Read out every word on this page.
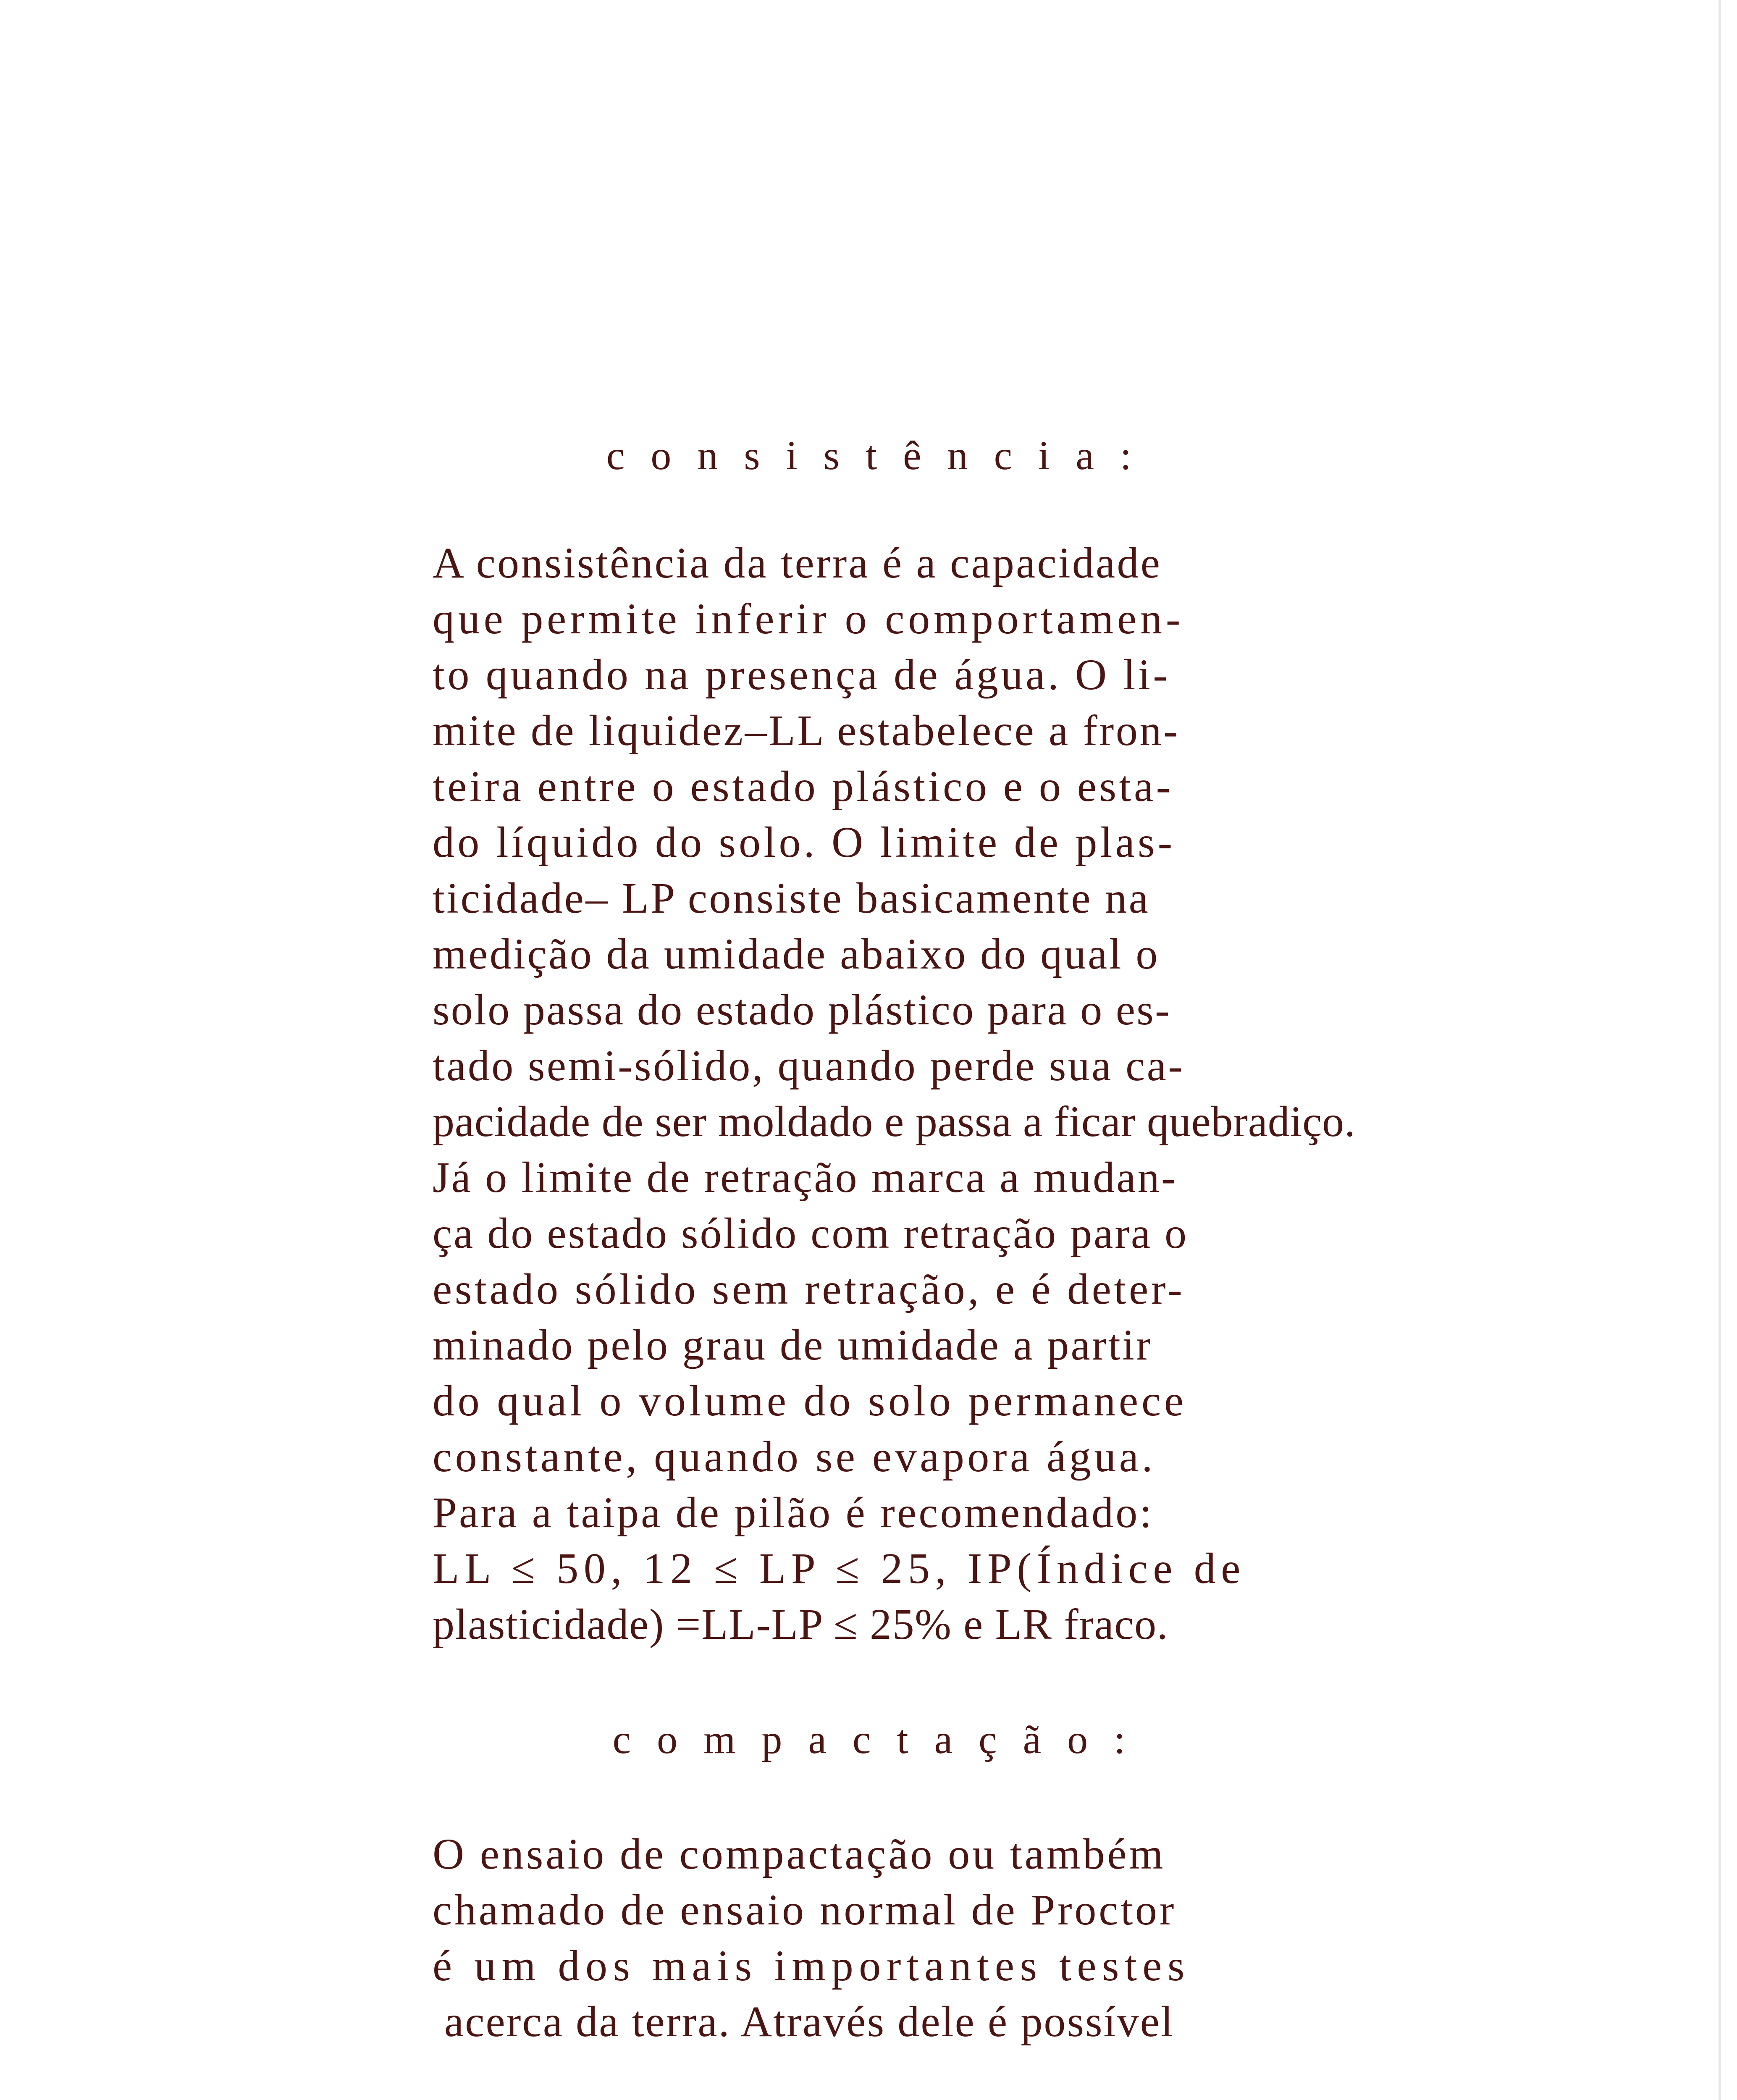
consistência:
A consistência da terra é a capacidade
que permite inferir o comportamen-
to quando na presença de água. O li-
mite de liquidez–LL estabelece a fron-
teira entre o estado plástico e o esta-
do líquido do solo. O limite de plas-
ticidade– LP consiste basicamente na
medição da umidade abaixo do qual o
solo passa do estado plástico para o es-
tado semi-sólido, quando perde sua ca-
pacidade de ser moldado e passa a ficar quebradiço.
Já o limite de retração marca a mudan-
ça do estado sólido com retração para o
estado sólido sem retração, e é deter-
minado pelo grau de umidade a partir
do qual o volume do solo permanece
constante, quando se evapora água.
Para a taipa de pilão é recomendado:
LL ≤ 50, 12 ≤ LP ≤ 25, IP(Índice de
plasticidade) =LL-LP ≤ 25% e LR fraco.
compactação:
O ensaio de compactação ou também
chamado de ensaio normal de Proctor
é um dos mais importantes testes
acerca da terra. Através dele é possível
